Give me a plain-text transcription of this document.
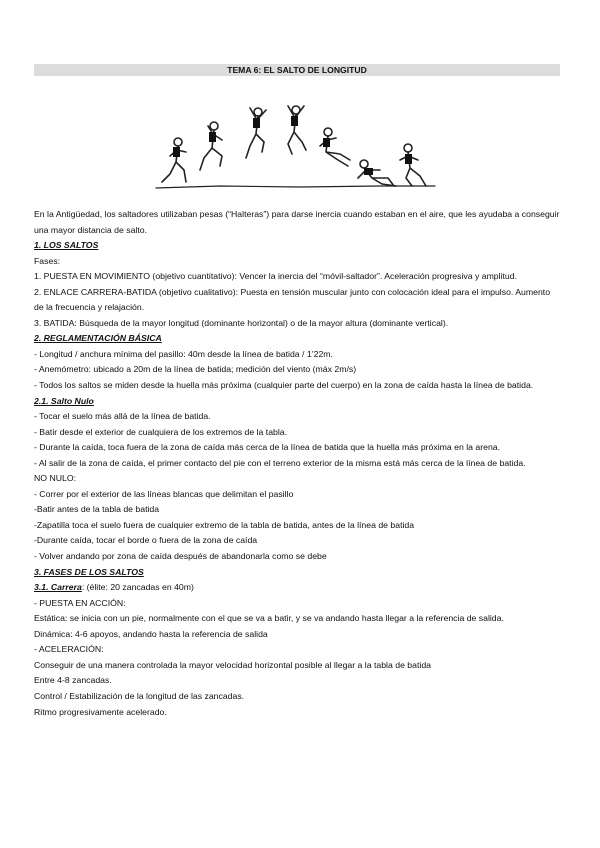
TEMA 6: EL SALTO DE LONGITUD

En la Antigüedad, los saltadores utilizaban pesas (“Halteras”) para darse inercia cuando estaban en el aire, que les ayudaba a conseguir una mayor distancia de salto.

1. LOS SALTOS

Fases:

1. PUESTA EN MOVIMIENTO (objetivo cuantitativo): Vencer la inercia del “móvil-saltador”. Aceleración progresiva y amplitud.

2. ENLACE CARRERA-BATIDA (objetivo cualitativo): Puesta en tensión muscular junto con colocación ideal para el impulso. Aumento de la frecuencia y relajación.

3. BATIDA: Búsqueda de la mayor longitud (dominante horizontal) o de la mayor altura (dominante vertical).

2. REGLAMENTACIÓN BÁSICA

- Longitud / anchura mínima del pasillo: 40m desde la línea de batida / 1’22m.

- Anemómetro: ubicado a 20m de la línea de batida; medición del viento (máx 2m/s)

- Todos los saltos se miden desde la huella más próxima (cualquier parte del cuerpo) en la zona de caída hasta la línea de batida.

2.1. Salto Nulo

- Tocar el suelo más allá de la línea de batida.

- Batir desde el exterior de cualquiera de los extremos de la tabla.

- Durante la caída, toca fuera de la zona de caída más cerca de la línea de batida que la huella más próxima en la arena.

- Al salir de la zona de caída, el primer contacto del pie con el terreno exterior de la misma está más cerca de la línea de batida.

NO NULO:

- Correr por el exterior de las líneas blancas que delimitan el pasillo

-Batir antes de la tabla de batida

-Zapatilla toca el suelo fuera de cualquier extremo de la tabla de batida, antes de la línea de batida

-Durante caída, tocar el borde o fuera de la zona de caída

- Volver andando por zona de caída después de abandonarla como se debe

3. FASES DE LOS SALTOS

3.1. Carrera: (élite: 20 zancadas en 40m)

- PUESTA EN ACCIÓN:

Estática: se inicia con un pie, normalmente con el que se va a batir, y se va andando hasta llegar a la referencia de salida.

Dinámica: 4-6 apoyos, andando hasta la referencia de salida

- ACELERACIÓN:

Conseguir de una manera controlada la mayor velocidad horizontal posible al llegar a la tabla de batida

Entre 4-8 zancadas.

Control / Estabilización de la longitud de las zancadas.

Ritmo progresivamente acelerado.
